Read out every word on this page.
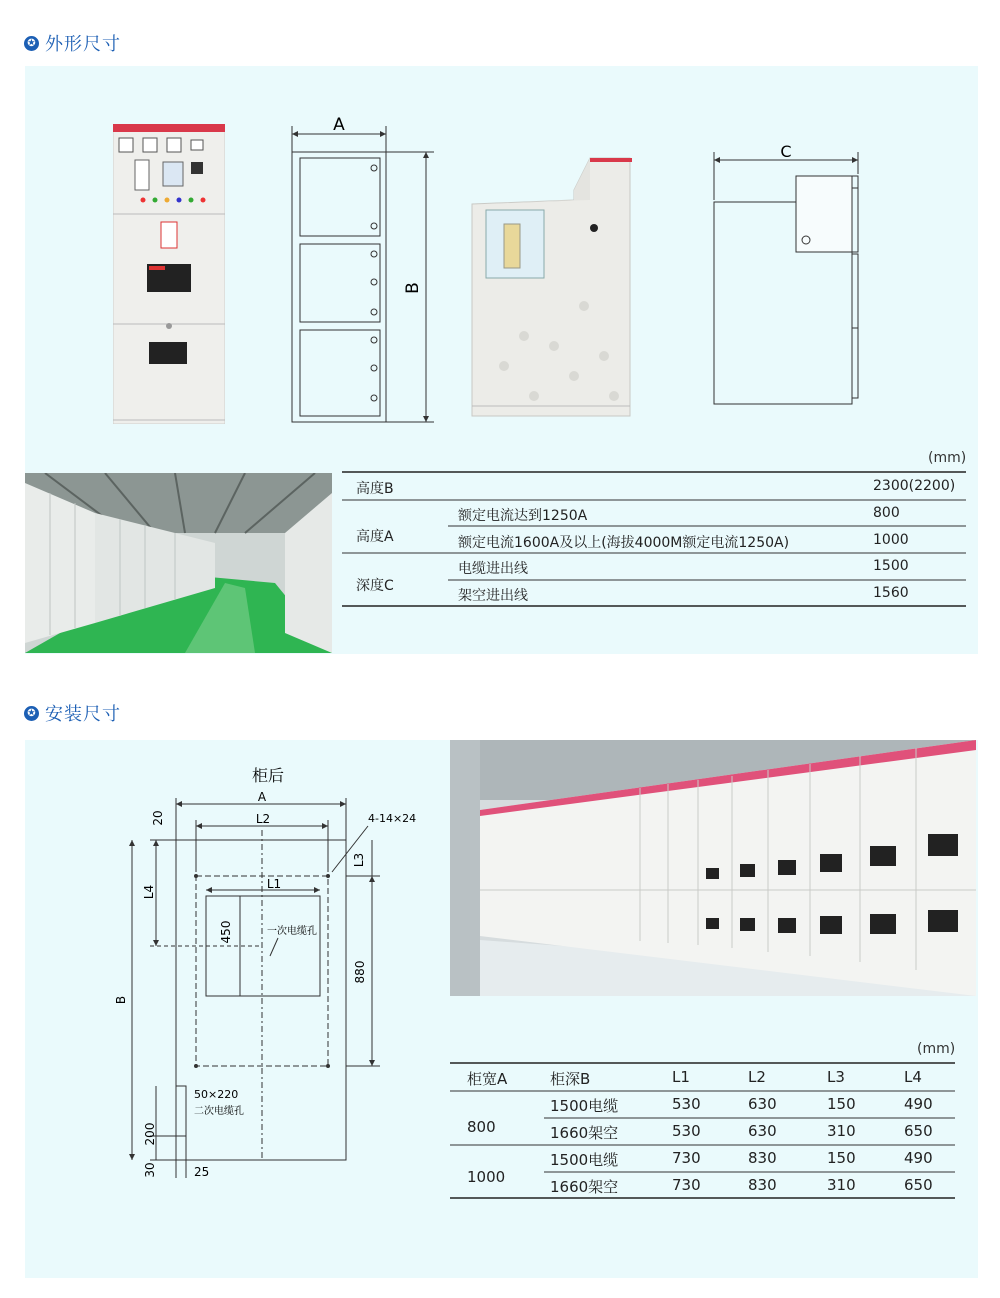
✪ 外形尺寸
A
B
C
(mm)
高度B	2300(2200)
高度A
额定电流达到1250A	800
额定电流1600A及以上(海拔4000M额定电流1250A)	1000
深度C
电缆进出线	1500
架空进出线	1560
✪ 安装尺寸
柜后
A
L2
20	4-14×24
L1
450	一次电缆孔
L3
880
L4
B
50×220
二次电缆孔
200
30	25
(mm)
柜宽A	柜深B	L1	L2	L3	L4
800
1500电缆	530	630	150	490
1660架空	530	630	310	650
1000
1500电缆	730	830	150	490
1660架空	730	830	310	650
